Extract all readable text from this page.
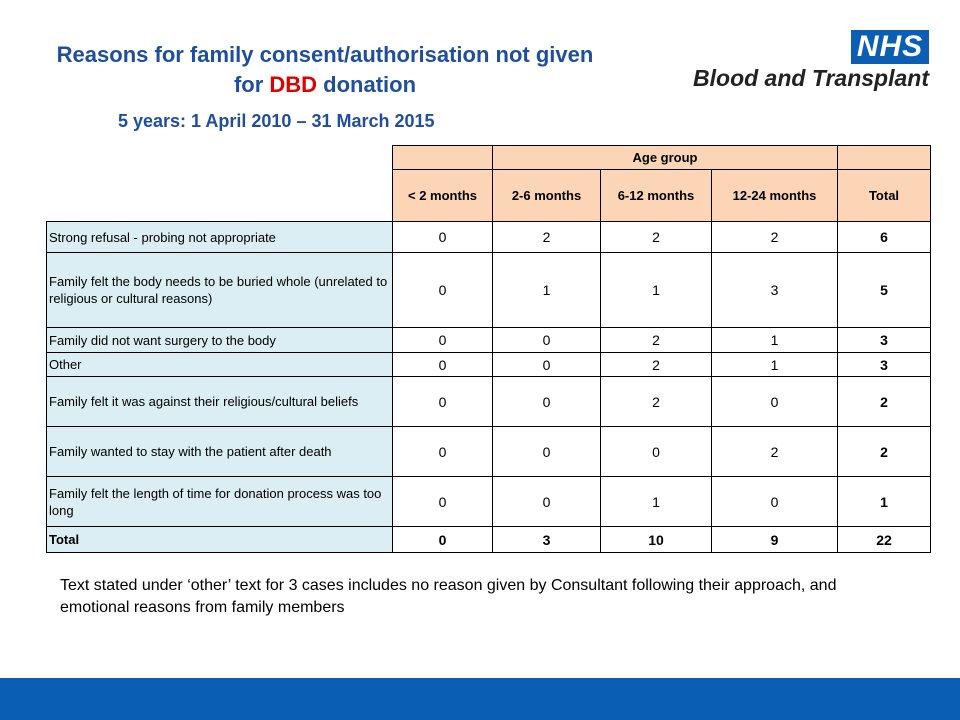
Reasons for family consent/authorisation not given for DBD donation
5 years: 1 April 2010 – 31 March 2015
NHS
Blood and Transplant
		Age group			
	< 2 months	2-6 months	6-12 months	12-24 months	Total
Strong refusal - probing not appropriate	0	2	2	2	6
Family felt the body needs to be buried whole (unrelated to religious or cultural reasons)	0	1	1	3	5
Family did not want surgery to the body	0	0	2	1	3
Other	0	0	2	1	3
Family felt it was against their religious/cultural beliefs	0	0	2	0	2
Family wanted to stay with the patient after death	0	0	0	2	2
Family felt the length of time for donation process was too long	0	0	1	0	1
Total	0	3	10	9	22
Text stated under ‘other’ text for 3 cases includes no reason given by Consultant following their approach, and emotional reasons from family members
